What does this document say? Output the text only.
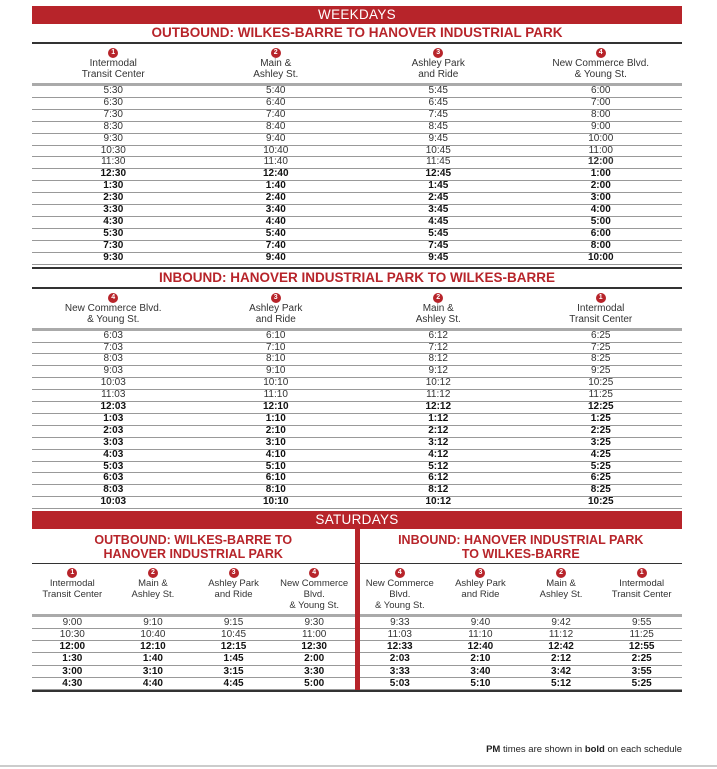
WEEKDAYS
OUTBOUND: WILKES-BARRE TO HANOVER INDUSTRIAL PARK
1
Intermodal
Transit Center
2
Main &
Ashley St.
3
Ashley Park
and Ride
4
New Commerce Blvd.
& Young St.
5:30	5:40	5:45	6:00
6:30	6:40	6:45	7:00
7:30	7:40	7:45	8:00
8:30	8:40	8:45	9:00
9:30	9:40	9:45	10:00
10:30	10:40	10:45	11:00
11:30	11:40	11:45	12:00
12:30	12:40	12:45	1:00
1:30	1:40	1:45	2:00
2:30	2:40	2:45	3:00
3:30	3:40	3:45	4:00
4:30	4:40	4:45	5:00
5:30	5:40	5:45	6:00
7:30	7:40	7:45	8:00
9:30	9:40	9:45	10:00
INBOUND: HANOVER INDUSTRIAL PARK TO WILKES-BARRE
4
New Commerce Blvd.
& Young St.
3
Ashley Park
and Ride
2
Main &
Ashley St.
1
Intermodal
Transit Center
6:03	6:10	6:12	6:25
7:03	7:10	7:12	7:25
8:03	8:10	8:12	8:25
9:03	9:10	9:12	9:25
10:03	10:10	10:12	10:25
11:03	11:10	11:12	11:25
12:03	12:10	12:12	12:25
1:03	1:10	1:12	1:25
2:03	2:10	2:12	2:25
3:03	3:10	3:12	3:25
4:03	4:10	4:12	4:25
5:03	5:10	5:12	5:25
6:03	6:10	6:12	6:25
8:03	8:10	8:12	8:25
10:03	10:10	10:12	10:25
SATURDAYS
OUTBOUND: WILKES-BARRE TO
HANOVER INDUSTRIAL PARK
1
Intermodal
Transit Center
2
Main &
Ashley St.
3
Ashley Park
and Ride
4
New Commerce Blvd.
& Young St.
9:00	9:10	9:15	9:30
10:30	10:40	10:45	11:00
12:00	12:10	12:15	12:30
1:30	1:40	1:45	2:00
3:00	3:10	3:15	3:30
4:30	4:40	4:45	5:00
INBOUND: HANOVER INDUSTRIAL PARK
TO WILKES-BARRE
4
New Commerce Blvd.
& Young St.
3
Ashley Park
and Ride
2
Main &
Ashley St.
1
Intermodal
Transit Center
9:33	9:40	9:42	9:55
11:03	11:10	11:12	11:25
12:33	12:40	12:42	12:55
2:03	2:10	2:12	2:25
3:33	3:40	3:42	3:55
5:03	5:10	5:12	5:25
PM times are shown in bold on each schedule
